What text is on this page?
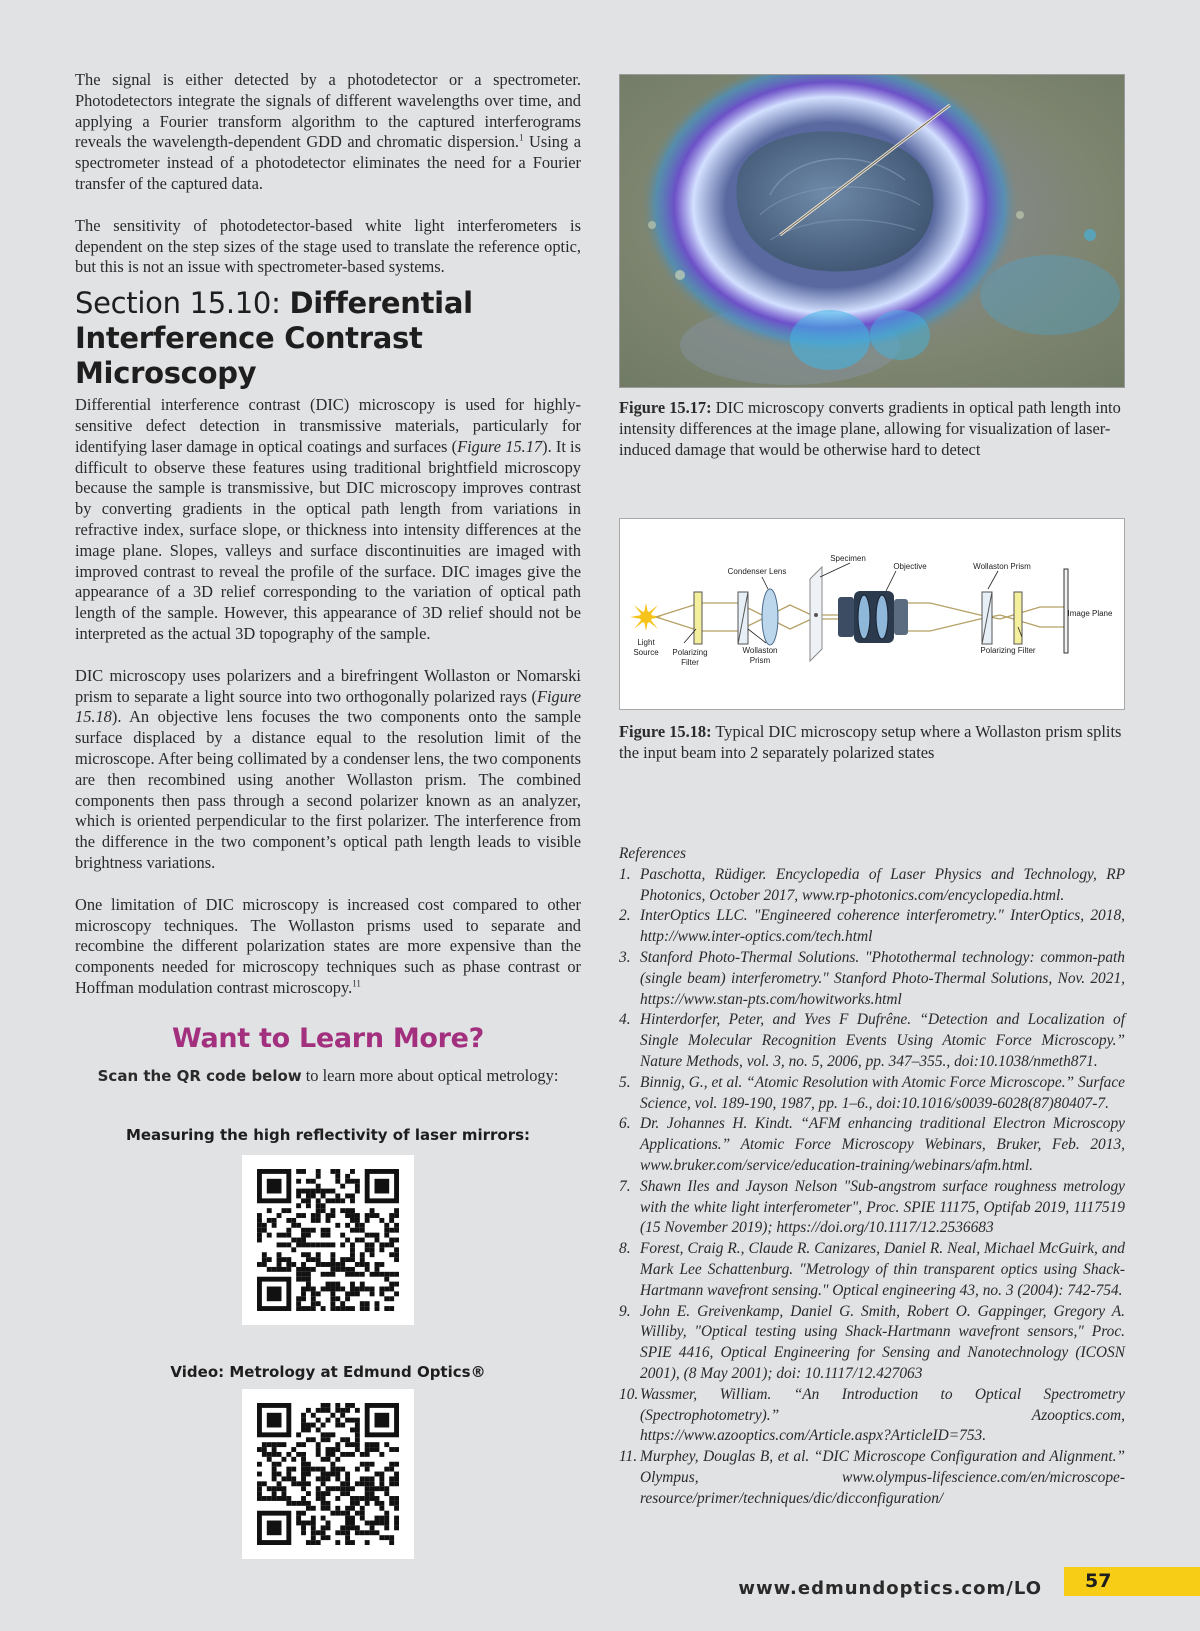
The signal is either detected by a photodetector or a spectrometer. Photodetectors integrate the signals of different wavelengths over time, and applying a Fourier transform algorithm to the captured interferograms reveals the wavelength-dependent GDD and chromatic dispersion.$^1$ Using a spectrometer instead of a photodetector eliminates the need for a Fourier transfer of the captured data.

The sensitivity of photodetector-based white light interferometers is dependent on the step sizes of the stage used to translate the reference optic, but this is not an issue with spectrometer-based systems.

Section 15.10: Differential
Interference Contrast Microscopy

Differential interference contrast (DIC) microscopy is used for highly-sensitive defect detection in transmissive materials, particularly for identifying laser damage in optical coatings and surfaces (Figure 15.17). It is difficult to observe these features using traditional brightfield microscopy because the sample is transmissive, but DIC microscopy improves contrast by converting gradients in the optical path length from variations in refractive index, surface slope, or thickness into intensity differences at the image plane. Slopes, valleys and surface discontinuities are imaged with improved contrast to reveal the profile of the surface. DIC images give the appearance of a 3D relief corresponding to the variation of optical path length of the sample. However, this appearance of 3D relief should not be interpreted as the actual 3D topography of the sample.

DIC microscopy uses polarizers and a birefringent Wollaston or Nomarski prism to separate a light source into two orthogonally polarized rays (Figure 15.18). An objective lens focuses the two components onto the sample surface displaced by a distance equal to the resolution limit of the microscope. After being collimated by a condenser lens, the two components are then recombined using another Wollaston prism. The combined components then pass through a second polarizer known as an analyzer, which is oriented perpendicular to the first polarizer. The interference from the difference in the two component’s optical path length leads to visible brightness variations.

One limitation of DIC microscopy is increased cost compared to other microscopy techniques. The Wollaston prisms used to separate and recombine the different polarization states are more expensive than the components needed for microscopy techniques such as phase contrast or Hoffman modulation contrast microscopy.$^{11}$

Want to Learn More?
Scan the QR code below to learn more about optical metrology:
Measuring the high reflectivity of laser mirrors:
Video: Metrology at Edmund Optics®
Figure 15.17: DIC microscopy converts gradients in optical path length into intensity differences at the image plane, allowing for visualization of laser-induced damage that would be otherwise hard to detect
Condenser Lens
Specimen
Objective	Wollaston Prism
Image Plane
Light
Source Polarizing
Filter
Wollaston
Prism
Polarizing Filter
Figure 15.18: Typical DIC microscopy setup where a Wollaston prism splits the input beam into 2 separately polarized states
References
1. Paschotta, Rüdiger. Encyclopedia of Laser Physics and Technology, RP Photonics, October 2017, www.rp-photonics.com/encyclopedia.html.
2. InterOptics LLC. "Engineered coherence interferometry." InterOptics, 2018, http://www.inter-optics.com/tech.html
3. Stanford Photo-Thermal Solutions. "Photothermal technology: common-path (single beam) interferometry." Stanford Photo-Thermal Solutions, Nov. 2021, https://www.stan-pts.com/howitworks.html
4. Hinterdorfer, Peter, and Yves F Dufrêne. “Detection and Localization of Single Molecular Recognition Events Using Atomic Force Microscopy.” Nature Methods, vol. 3, no. 5, 2006, pp. 347–355., doi:10.1038/nmeth871.
5. Binnig, G., et al. “Atomic Resolution with Atomic Force Microscope.” Surface Science, vol. 189-190, 1987, pp. 1–6., doi:10.1016/s0039-6028(87)80407-7.
6. Dr. Johannes H. Kindt. “AFM enhancing traditional Electron Microscopy Applications.” Atomic Force Microscopy Webinars, Bruker, Feb. 2013, www.bruker.com/service/education-training/webinars/afm.html.
7. Shawn Iles and Jayson Nelson "Sub-angstrom surface roughness metrology with the white light interferometer", Proc. SPIE 11175, Optifab 2019, 1117519 (15 November 2019); https://doi.org/10.1117/12.2536683
8. Forest, Craig R., Claude R. Canizares, Daniel R. Neal, Michael McGuirk, and Mark Lee Schattenburg. "Metrology of thin transparent optics using Shack-Hartmann wavefront sensing." Optical engineering 43, no. 3 (2004): 742-754.
9. John E. Greivenkamp, Daniel G. Smith, Robert O. Gappinger, Gregory A. Williby, "Optical testing using Shack-Hartmann wavefront sensors," Proc. SPIE 4416, Optical Engineering for Sensing and Nanotechnology (ICOSN 2001), (8 May 2001); doi: 10.1117/12.427063
10. Wassmer, William. “An Introduction to Optical Spectrometry (Spectrophotometry).” Azooptics.com, https://www.azooptics.com/Article.aspx?ArticleID=753.
11. Murphey, Douglas B, et al. “DIC Microscope Configuration and Alignment.” Olympus, www.olympus-lifescience.com/en/microscope-resource/primer/techniques/dic/dicconfiguration/
www.edmundoptics.com/LO	57
